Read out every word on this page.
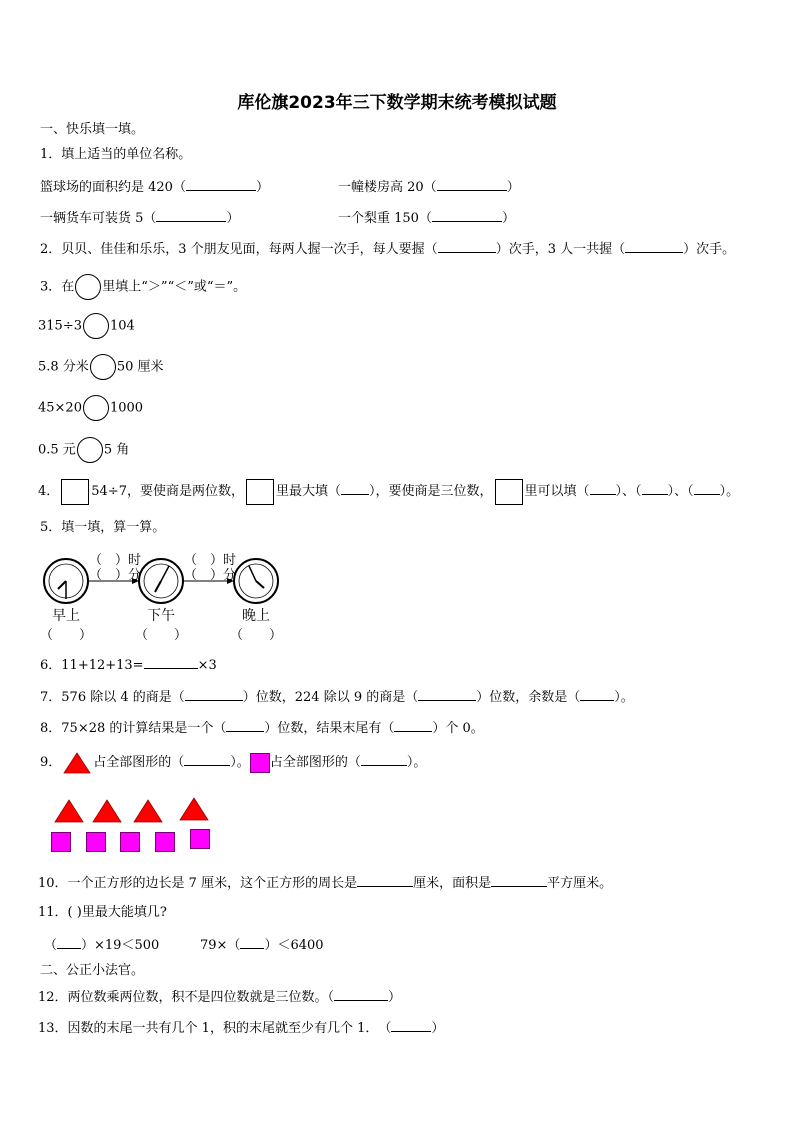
库伦旗2023年三下数学期末统考模拟试题
一、快乐填一填。
1．填上适当的单位名称。
篮球场的面积约是 420（	）	一幢楼房高 20（	）
一辆货车可装货 5（	）	一个梨重 150（	）
2．贝贝、佳佳和乐乐，3 个朋友见面，每两人握一次手，每人要握（	）次手，3 人一共握（	）次手。
3．在 里填上“＞”“＜”或“＝”。
315÷3 104
5.8 分米 50 厘米
45×20 1000
0.5 元 5 角
4． 54÷7，要使商是两位数， 里最大填（ ），要使商是三位数， 里可以填（ ）、（ ）、（ ）。
5．填一填，算一算。
（　）时
（　）分
（　）时
（　）分
早上	下午	晚上
（　　）	（　　）	（　　）
6．11+12+13=	×3
7．576 除以 4 的商是（	）位数，224 除以 9 的商是（	）位数，余数是（	）。
8．75×28 的计算结果是一个（	）位数，结果末尾有（	）个 0。
9． 占全部图形的（	）。 占全部图形的（	）。
10．一个正方形的边长是 7 厘米，这个正方形的周长是	厘米，面积是	平方厘米。
11．( )里最大能填几?
（ ）×19＜500	79×（ ）＜6400
二、公正小法官。
12．两位数乘两位数，积不是四位数就是三位数。（	）
13．因数的末尾一共有几个 1，积的末尾就至少有几个 1．　（	）
